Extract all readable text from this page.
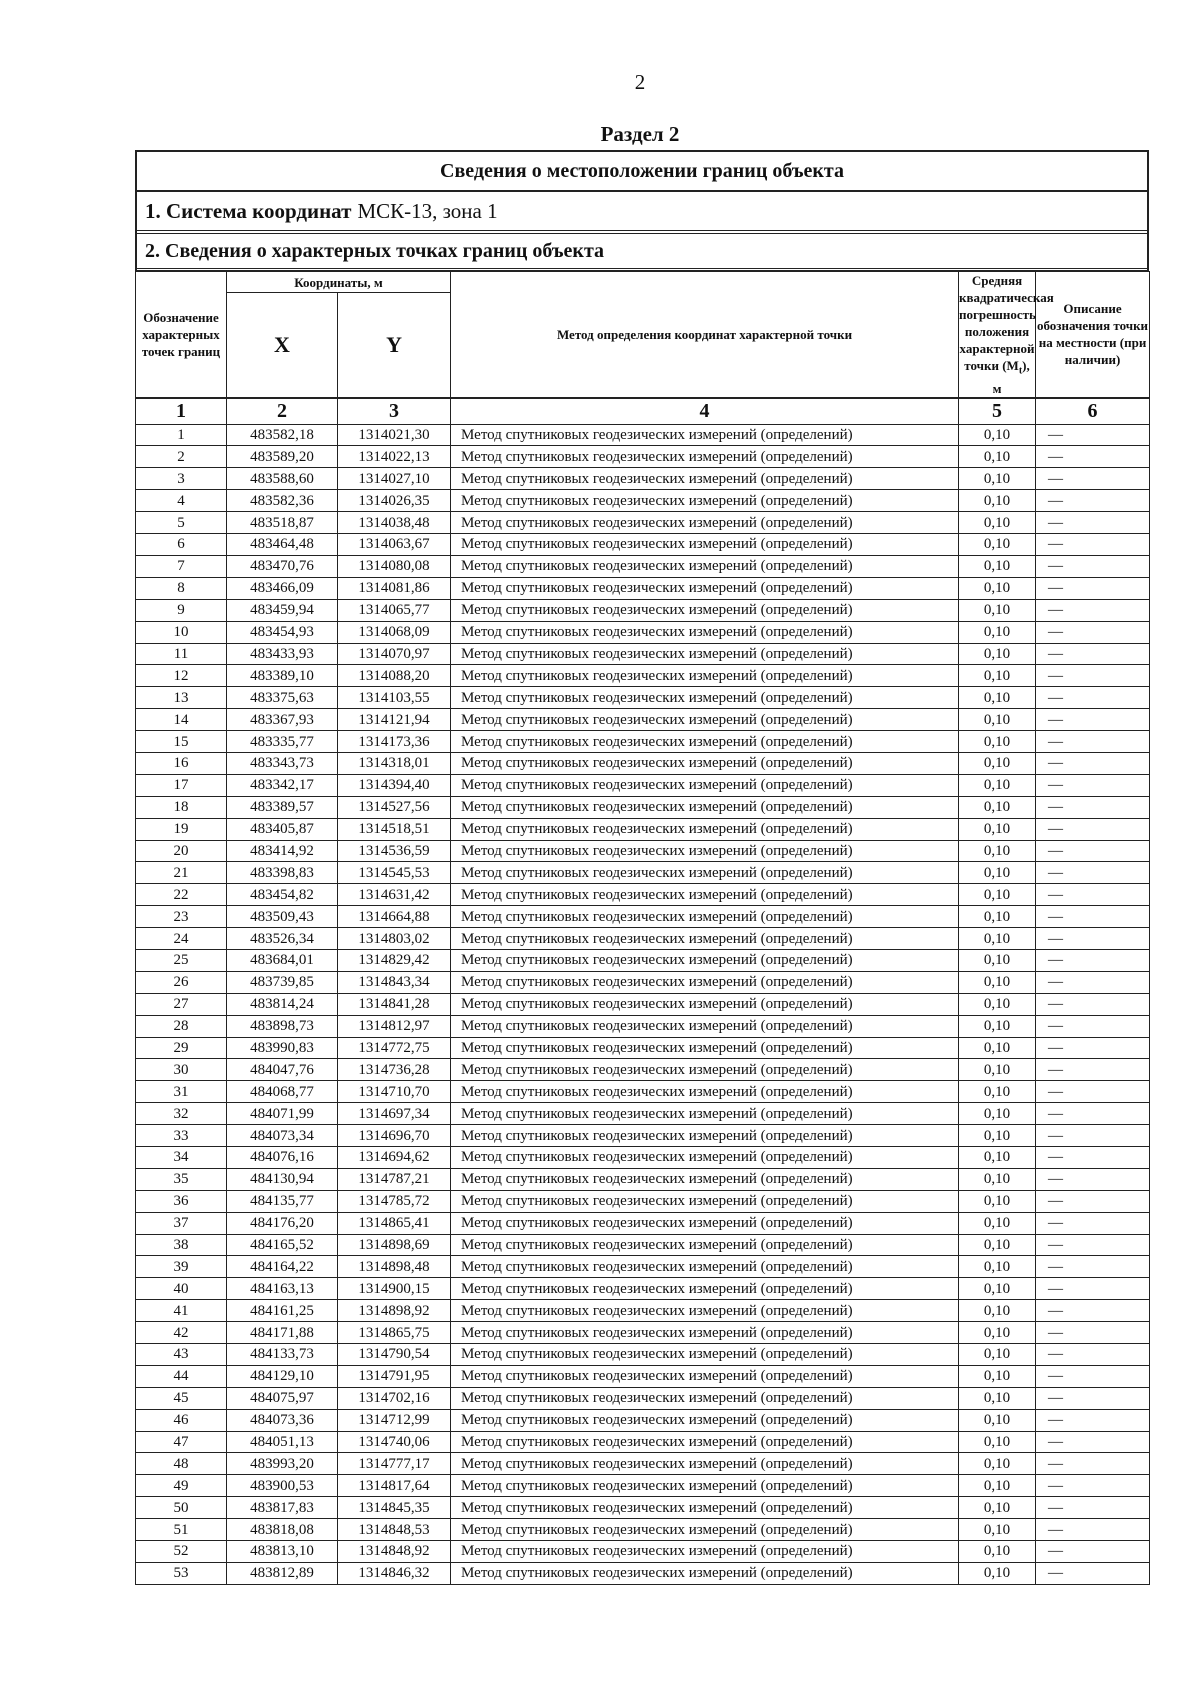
2
Раздел 2
Сведения о местоположении границ объекта
1. Система координат МСК-13, зона 1
2. Сведения о характерных точках границ объекта
Обозначение характерных точек границ	Координаты, м		Метод определения координат характерной точки	Средняя квадратическая погрешность положения характерной точки $(M_t)$, м	Описание обозначения точки на местности (при наличии)
	X	Y			
1	2	3	4	5	6
1	483582,18	1314021,30	Метод спутниковых геодезических измерений (определений)	0,10	—
2	483589,20	1314022,13	Метод спутниковых геодезических измерений (определений)	0,10	—
3	483588,60	1314027,10	Метод спутниковых геодезических измерений (определений)	0,10	—
4	483582,36	1314026,35	Метод спутниковых геодезических измерений (определений)	0,10	—
5	483518,87	1314038,48	Метод спутниковых геодезических измерений (определений)	0,10	—
6	483464,48	1314063,67	Метод спутниковых геодезических измерений (определений)	0,10	—
7	483470,76	1314080,08	Метод спутниковых геодезических измерений (определений)	0,10	—
8	483466,09	1314081,86	Метод спутниковых геодезических измерений (определений)	0,10	—
9	483459,94	1314065,77	Метод спутниковых геодезических измерений (определений)	0,10	—
10	483454,93	1314068,09	Метод спутниковых геодезических измерений (определений)	0,10	—
11	483433,93	1314070,97	Метод спутниковых геодезических измерений (определений)	0,10	—
12	483389,10	1314088,20	Метод спутниковых геодезических измерений (определений)	0,10	—
13	483375,63	1314103,55	Метод спутниковых геодезических измерений (определений)	0,10	—
14	483367,93	1314121,94	Метод спутниковых геодезических измерений (определений)	0,10	—
15	483335,77	1314173,36	Метод спутниковых геодезических измерений (определений)	0,10	—
16	483343,73	1314318,01	Метод спутниковых геодезических измерений (определений)	0,10	—
17	483342,17	1314394,40	Метод спутниковых геодезических измерений (определений)	0,10	—
18	483389,57	1314527,56	Метод спутниковых геодезических измерений (определений)	0,10	—
19	483405,87	1314518,51	Метод спутниковых геодезических измерений (определений)	0,10	—
20	483414,92	1314536,59	Метод спутниковых геодезических измерений (определений)	0,10	—
21	483398,83	1314545,53	Метод спутниковых геодезических измерений (определений)	0,10	—
22	483454,82	1314631,42	Метод спутниковых геодезических измерений (определений)	0,10	—
23	483509,43	1314664,88	Метод спутниковых геодезических измерений (определений)	0,10	—
24	483526,34	1314803,02	Метод спутниковых геодезических измерений (определений)	0,10	—
25	483684,01	1314829,42	Метод спутниковых геодезических измерений (определений)	0,10	—
26	483739,85	1314843,34	Метод спутниковых геодезических измерений (определений)	0,10	—
27	483814,24	1314841,28	Метод спутниковых геодезических измерений (определений)	0,10	—
28	483898,73	1314812,97	Метод спутниковых геодезических измерений (определений)	0,10	—
29	483990,83	1314772,75	Метод спутниковых геодезических измерений (определений)	0,10	—
30	484047,76	1314736,28	Метод спутниковых геодезических измерений (определений)	0,10	—
31	484068,77	1314710,70	Метод спутниковых геодезических измерений (определений)	0,10	—
32	484071,99	1314697,34	Метод спутниковых геодезических измерений (определений)	0,10	—
33	484073,34	1314696,70	Метод спутниковых геодезических измерений (определений)	0,10	—
34	484076,16	1314694,62	Метод спутниковых геодезических измерений (определений)	0,10	—
35	484130,94	1314787,21	Метод спутниковых геодезических измерений (определений)	0,10	—
36	484135,77	1314785,72	Метод спутниковых геодезических измерений (определений)	0,10	—
37	484176,20	1314865,41	Метод спутниковых геодезических измерений (определений)	0,10	—
38	484165,52	1314898,69	Метод спутниковых геодезических измерений (определений)	0,10	—
39	484164,22	1314898,48	Метод спутниковых геодезических измерений (определений)	0,10	—
40	484163,13	1314900,15	Метод спутниковых геодезических измерений (определений)	0,10	—
41	484161,25	1314898,92	Метод спутниковых геодезических измерений (определений)	0,10	—
42	484171,88	1314865,75	Метод спутниковых геодезических измерений (определений)	0,10	—
43	484133,73	1314790,54	Метод спутниковых геодезических измерений (определений)	0,10	—
44	484129,10	1314791,95	Метод спутниковых геодезических измерений (определений)	0,10	—
45	484075,97	1314702,16	Метод спутниковых геодезических измерений (определений)	0,10	—
46	484073,36	1314712,99	Метод спутниковых геодезических измерений (определений)	0,10	—
47	484051,13	1314740,06	Метод спутниковых геодезических измерений (определений)	0,10	—
48	483993,20	1314777,17	Метод спутниковых геодезических измерений (определений)	0,10	—
49	483900,53	1314817,64	Метод спутниковых геодезических измерений (определений)	0,10	—
50	483817,83	1314845,35	Метод спутниковых геодезических измерений (определений)	0,10	—
51	483818,08	1314848,53	Метод спутниковых геодезических измерений (определений)	0,10	—
52	483813,10	1314848,92	Метод спутниковых геодезических измерений (определений)	0,10	—
53	483812,89	1314846,32	Метод спутниковых геодезических измерений (определений)	0,10	—
